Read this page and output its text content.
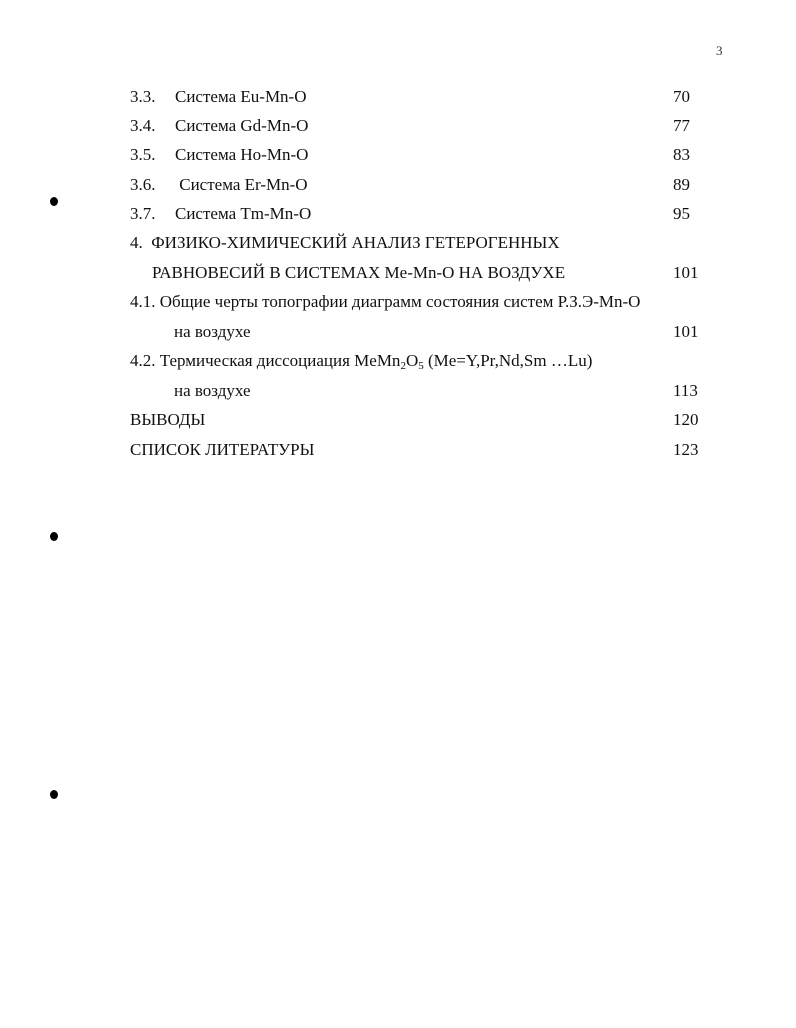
3
3.3. Система Eu-Mn-O	70
3.4. Система Gd-Mn-O	77
3.5. Система Ho-Mn-O	83
3.6. Система Er-Mn-O	89
3.7. Система Tm-Mn-O	95
4.  ФИЗИКО-ХИМИЧЕСКИЙ АНАЛИЗ ГЕТЕРОГЕННЫХ
РАВНОВЕСИЙ В СИСТЕМАХ Me-Mn-O НА ВОЗДУХЕ	101
4.1. Общие черты топографии диаграмм состояния систем Р.З.Э-Mn-O
на воздухе	101
4.2. Термическая диссоциация $MeMn_2O_5$ (Me=Y,Pr,Nd,Sm …Lu)
на воздухе	113
ВЫВОДЫ	120
СПИСОК ЛИТЕРАТУРЫ	123
